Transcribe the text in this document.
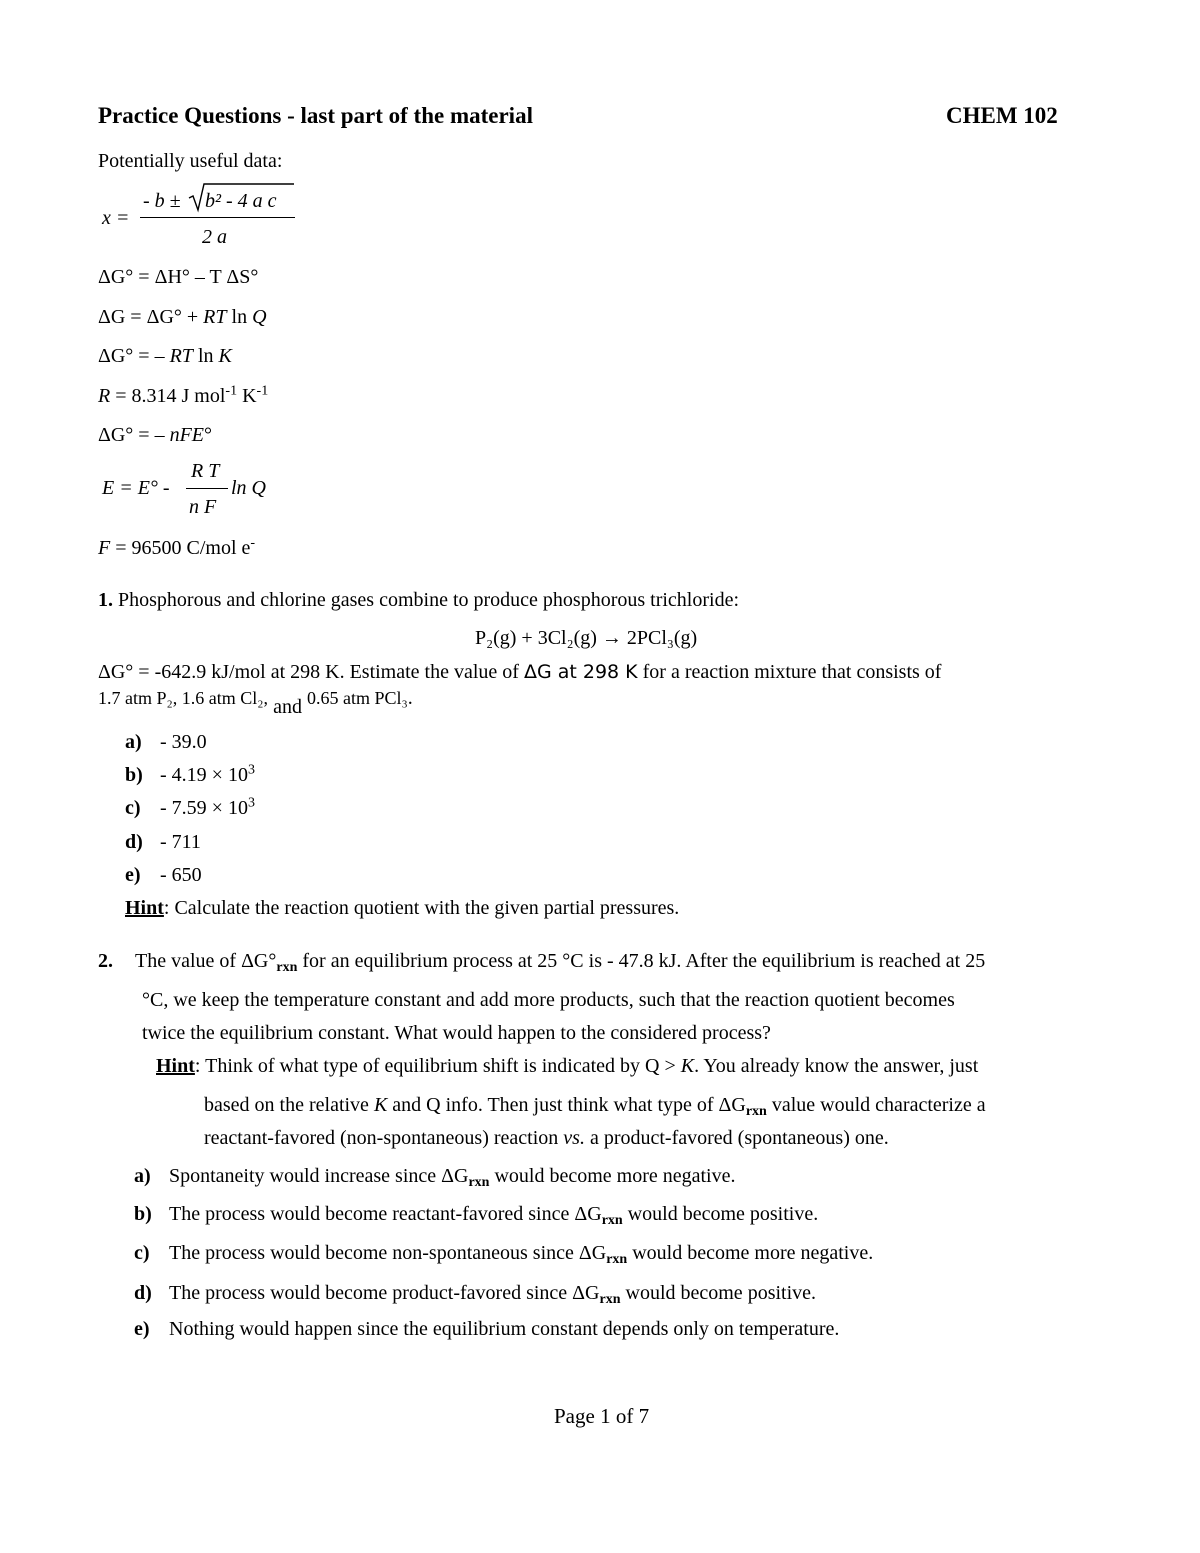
Practice Questions - last part of the material	CHEM 102
Potentially useful data:
x =
- b ± b² - 4 a c
2 a
ΔG° = ΔH° – T ΔS°
ΔG = ΔG° + RT ln Q
ΔG° = – RT ln K
R = 8.314 J mol$^{-1}$ $K^{-1}$
ΔG° = – nFE°
E = E° -
R T
n F
ln Q
F = 96500 C/mol e-
1. Phosphorous and chlorine gases combine to produce phosphorous trichloride:
P₂(g) + 3Cl₂(g) → 2PCl₃(g)
ΔG° = -642.9 kJ/mol at 298 K. Estimate the value of ΔG at 298 K for a reaction mixture that consists of
1.7 atm P₂, 1.6 atm Cl₂, and 0.65 atm PCl₃.
a) - 39.0
$b) - 4.19 \times 10^3$
$c) - 7.59 \times 10^3$
d) - 711
e) - 650
Hint: Calculate the reaction quotient with the given partial pressures.
2. The value of $\Delta G^\circ_{rxn}$ for an equilibrium process at 25 °C is - 47.8 kJ. After the equilibrium is reached at 25
°C, we keep the temperature constant and add more products, such that the reaction quotient becomes
twice the equilibrium constant. What would happen to the considered process?
Hint: Think of what type of equilibrium shift is indicated by Q > K. You already know the answer, just
based on the relative K and Q info. Then just think what type of $\Delta G_{rxn}$ value would characterize a
reactant-favored (non-spontaneous) reaction vs. a product-favored (spontaneous) one.
a) Spontaneity would increase since $\Delta G_{rxn}$ would become more negative.
b) The process would become reactant-favored since $\Delta G_{rxn}$ would become positive.
c) The process would become non-spontaneous since $\Delta G_{rxn}$ would become more negative.
d) The process would become product-favored since $\Delta G_{rxn}$ would become positive.
e) Nothing would happen since the equilibrium constant depends only on temperature.
Page 1 of 7
